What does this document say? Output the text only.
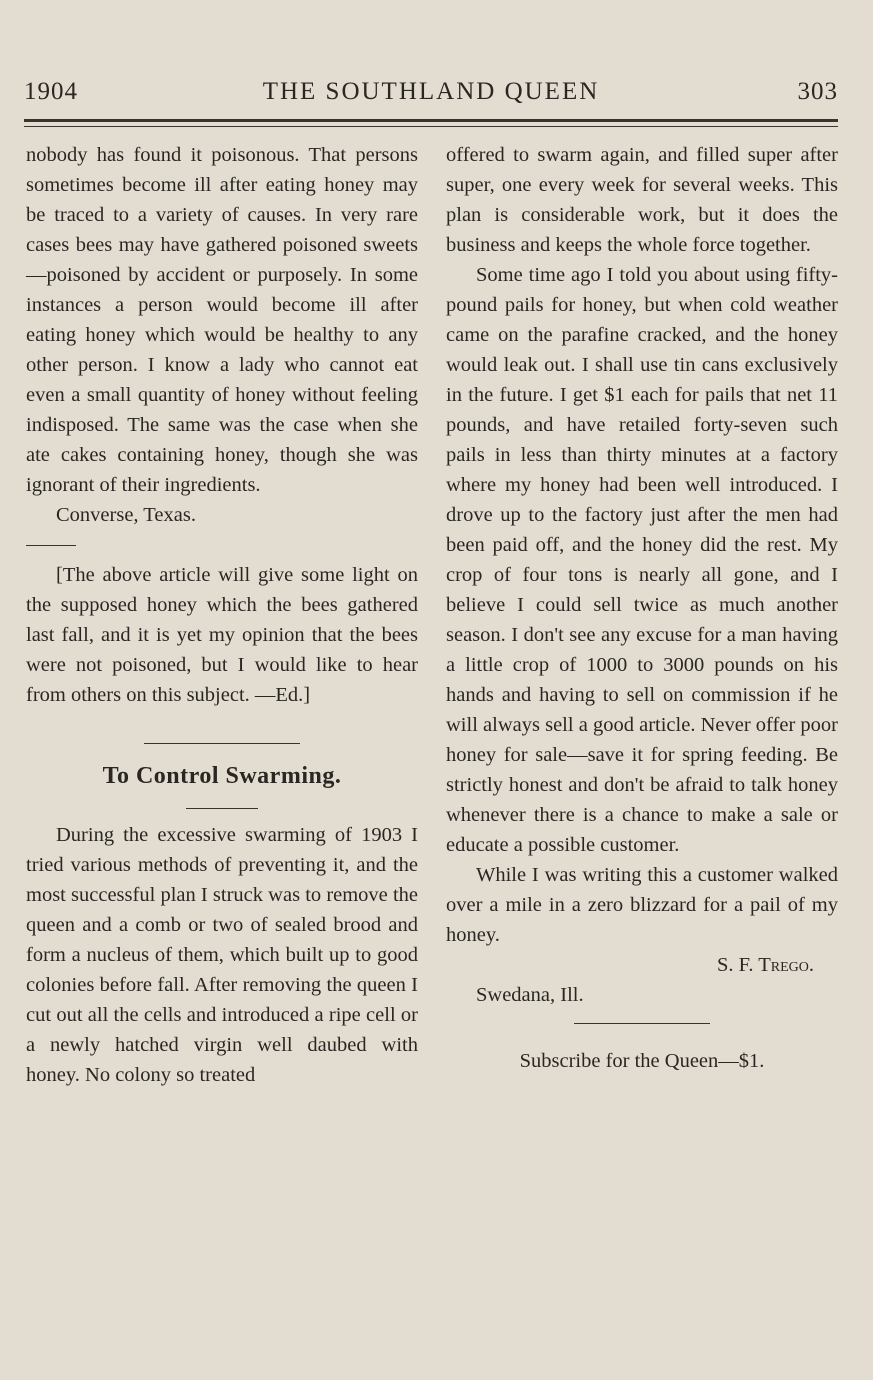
1904	THE SOUTHLAND QUEEN	303

nobody has found it poisonous. That persons sometimes become ill after eating honey may be traced to a variety of causes. In very rare cases bees may have gathered poisoned sweets—poisoned by accident or purposely. In some instances a person would become ill after eating honey which would be healthy to any other person. I know a lady who cannot eat even a small quantity of honey without feeling indisposed. The same was the case when she ate cakes containing honey, though she was ignorant of their ingredients.

Converse, Texas.

[The above article will give some light on the supposed honey which the bees gathered last fall, and it is yet my opinion that the bees were not poisoned, but I would like to hear from others on this subject. —Ed.]

To Control Swarming.

During the excessive swarming of 1903 I tried various methods of preventing it, and the most successful plan I struck was to remove the queen and a comb or two of sealed brood and form a nucleus of them, which built up to good colonies before fall. After removing the queen I cut out all the cells and introduced a ripe cell or a newly hatched virgin well daubed with honey. No colony so treated

offered to swarm again, and filled super after super, one every week for several weeks. This plan is considerable work, but it does the business and keeps the whole force together.

Some time ago I told you about using fifty-pound pails for honey, but when cold weather came on the parafine cracked, and the honey would leak out. I shall use tin cans exclusively in the future. I get $1 each for pails that net 11 pounds, and have retailed forty-seven such pails in less than thirty minutes at a factory where my honey had been well introduced. I drove up to the factory just after the men had been paid off, and the honey did the rest. My crop of four tons is nearly all gone, and I believe I could sell twice as much another season. I don't see any excuse for a man having a little crop of 1000 to 3000 pounds on his hands and having to sell on commission if he will always sell a good article. Never offer poor honey for sale—save it for spring feeding. Be strictly honest and don't be afraid to talk honey whenever there is a chance to make a sale or educate a possible customer.

While I was writing this a customer walked over a mile in a zero blizzard for a pail of my honey.

S. F. Trego.

Swedana, Ill.

Subscribe for the Queen—$1.
